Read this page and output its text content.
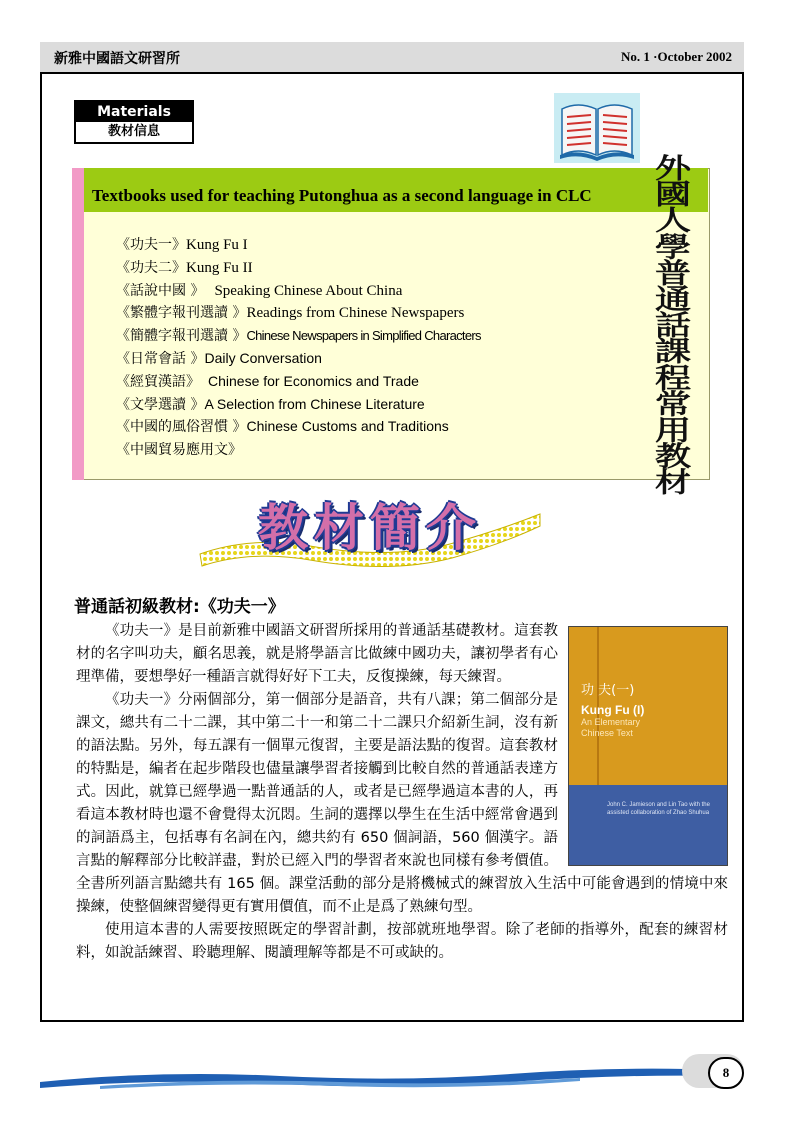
新雅中國語文研習所	No. 1 ·October 2002
Materials
教材信息
Textbooks used for teaching Putonghua as a second language in CLC
《功夫一》Kung Fu I
《功夫二》Kung Fu II
《話說中國 》 Speaking Chinese About China
《繁體字報刊選讀 》Readings from Chinese Newspapers
《簡體字報刊選讀 》Chinese Newspapers in Simplified Characters
《日常會話 》Daily Conversation
《經貿漢語》 Chinese for Economics and Trade
《文學選讀 》A Selection from Chinese Literature
《中國的風俗習慣 》Chinese Customs and Traditions
《中國貿易應用文》
外
國
人
學
普
通
話
課
程
常
用
教
材
教材簡介
普通話初級教材:《功夫一》
功 夫(一)
Kung Fu (I)
An Elementary Chinese Text
John C. Jamieson and Lin Tao with the assisted collaboration of Zhao Shuhua

《功夫一》是目前新雅中國語文研習所採用的普通話基礎教材。這套教材的名字叫功夫，顧名思義，就是將學語言比做練中國功夫，讓初學者有心理準備，要想學好一種語言就得好好下工夫，反復操練，每天練習。

《功夫一》分兩個部分，第一個部分是語音，共有八課；第二個部分是課文，總共有二十二課，其中第二十一和第二十二課只介紹新生詞，沒有新的語法點。另外，每五課有一個單元復習，主要是語法點的復習。這套教材的特點是，編者在起步階段也儘量讓學習者接觸到比較自然的普通話表達方式。因此，就算已經學過一點普通話的人，或者是已經學過這本書的人，再看這本教材時也還不會覺得太沉悶。生詞的選擇以學生在生活中經常會遇到的詞語爲主，包括專有名詞在內，總共約有 650 個詞語，560 個漢字。語言點的解釋部分比較詳盡，對於已經入門的學習者來說也同樣有參考價值。全書所列語言點總共有 165 個。課堂活動的部分是將機械式的練習放入生活中可能會遇到的情境中來操練，使整個練習變得更有實用價值，而不止是爲了熟練句型。

使用這本書的人需要按照既定的學習計劃，按部就班地學習。除了老師的指導外，配套的練習材料，如說話練習、聆聽理解、閱讀理解等都是不可或缺的。

8
